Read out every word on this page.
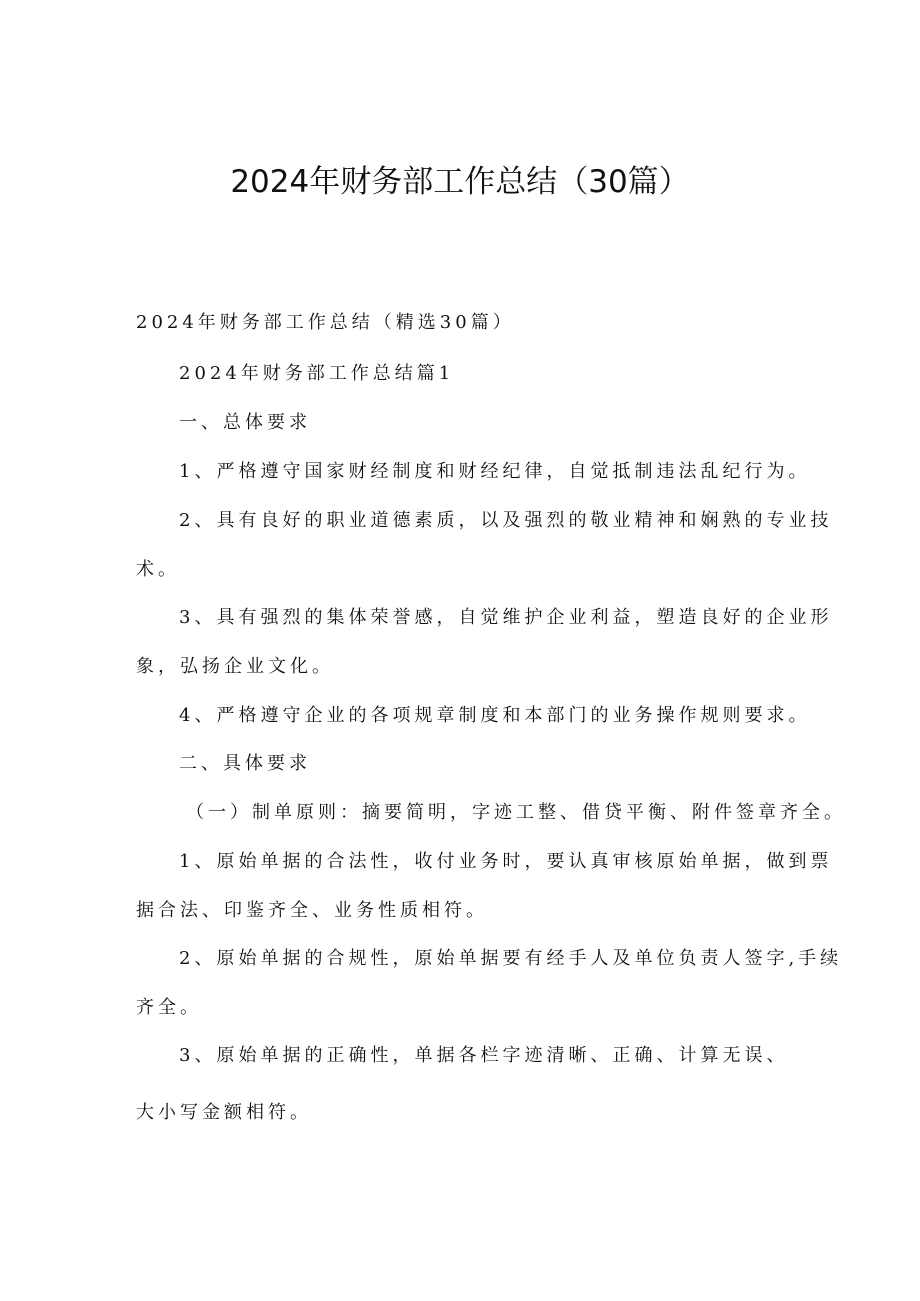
2024年财务部工作总结（30篇）

2024年财务部工作总结（精选30篇）

2024年财务部工作总结篇1

一、总体要求

1、严格遵守国家财经制度和财经纪律，自觉抵制违法乱纪行为。

2、具有良好的职业道德素质，以及强烈的敬业精神和娴熟的专业技

术。

3、具有强烈的集体荣誉感，自觉维护企业利益，塑造良好的企业形

象，弘扬企业文化。

4、严格遵守企业的各项规章制度和本部门的业务操作规则要求。

二、具体要求

（一）制单原则：摘要简明，字迹工整、借贷平衡、附件签章齐全。

1、原始单据的合法性，收付业务时，要认真审核原始单据，做到票

据合法、印鉴齐全、业务性质相符。

2、原始单据的合规性，原始单据要有经手人及单位负责人签字,手续

齐全。

3、原始单据的正确性，单据各栏字迹清晰、正确、计算无误、

大小写金额相符。
